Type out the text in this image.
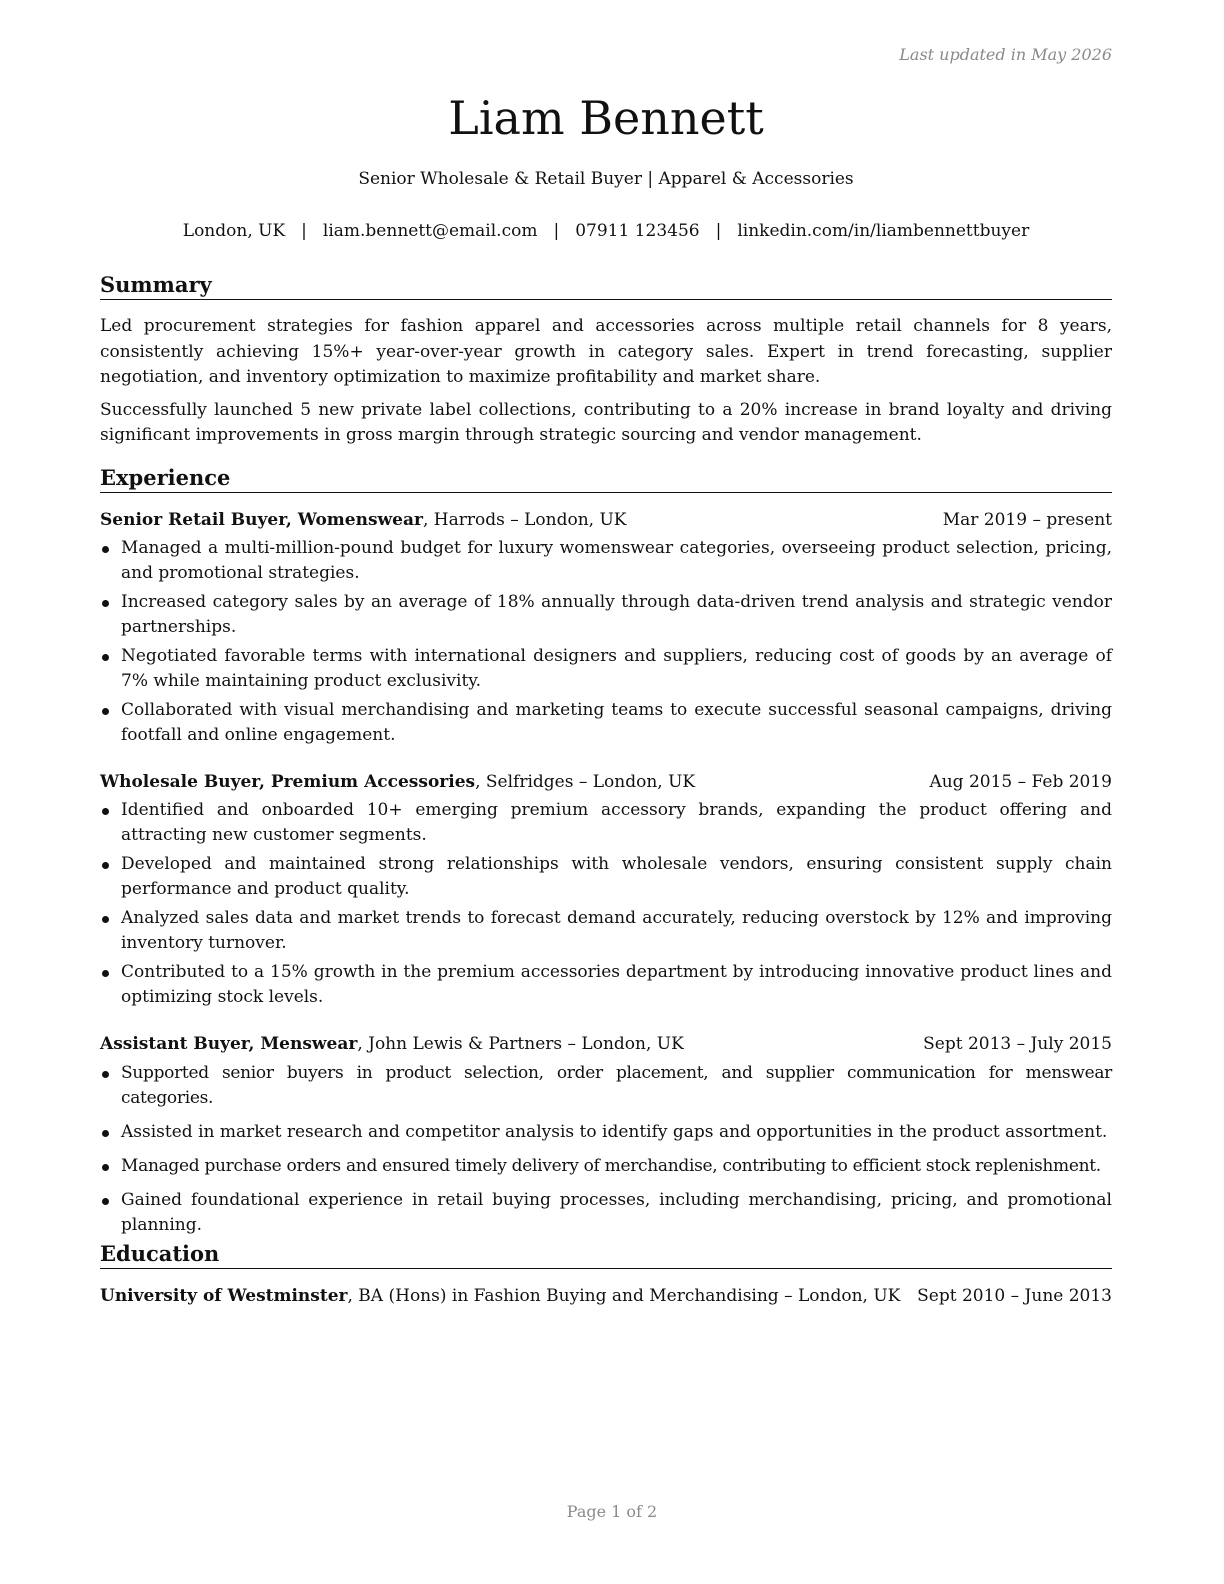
Last updated in May 2026
Liam Bennett
Senior Wholesale & Retail Buyer | Apparel & Accessories
London, UK | liam.bennett@email.com | 07911 123456 | linkedin.com/in/liambennettbuyer
Summary

Led procurement strategies for fashion apparel and accessories across multiple retail channels for 8 years, consistently achieving 15%+ year-over-year growth in category sales. Expert in trend forecasting, supplier negotiation, and inventory optimization to maximize profitability and market share.

Successfully launched 5 new private label collections, contributing to a 20% increase in brand loyalty and driving significant improvements in gross margin through strategic sourcing and vendor management.

Experience
Senior Retail Buyer, Womenswear, Harrods – London, UK	Mar 2019 – present
Managed a multi-million-pound budget for luxury womenswear categories, overseeing product selection, pricing, and promotional strategies.
Increased category sales by an average of 18% annually through data-driven trend analysis and strategic vendor partnerships.
Negotiated favorable terms with international designers and suppliers, reducing cost of goods by an average of 7% while maintaining product exclusivity.
Collaborated with visual merchandising and marketing teams to execute successful seasonal campaigns, driving footfall and online engagement.
Wholesale Buyer, Premium Accessories, Selfridges – London, UK	Aug 2015 – Feb 2019
Identified and onboarded 10+ emerging premium accessory brands, expanding the product offering and attracting new customer segments.
Developed and maintained strong relationships with wholesale vendors, ensuring consistent supply chain performance and product quality.
Analyzed sales data and market trends to forecast demand accurately, reducing overstock by 12% and improving inventory turnover.
Contributed to a 15% growth in the premium accessories department by introducing innovative product lines and optimizing stock levels.
Assistant Buyer, Menswear, John Lewis & Partners – London, UK	Sept 2013 – July 2015
Supported senior buyers in product selection, order placement, and supplier communication for menswear categories.
Assisted in market research and competitor analysis to identify gaps and opportunities in the product assortment.
Managed purchase orders and ensured timely delivery of merchandise, contributing to efficient stock replenishment.
Gained foundational experience in retail buying processes, including merchandising, pricing, and promotional planning.
Education
University of Westminster, BA (Hons) in Fashion Buying and Merchandising – London, UK Sept 2010 – June 2013
Page 1 of 2
